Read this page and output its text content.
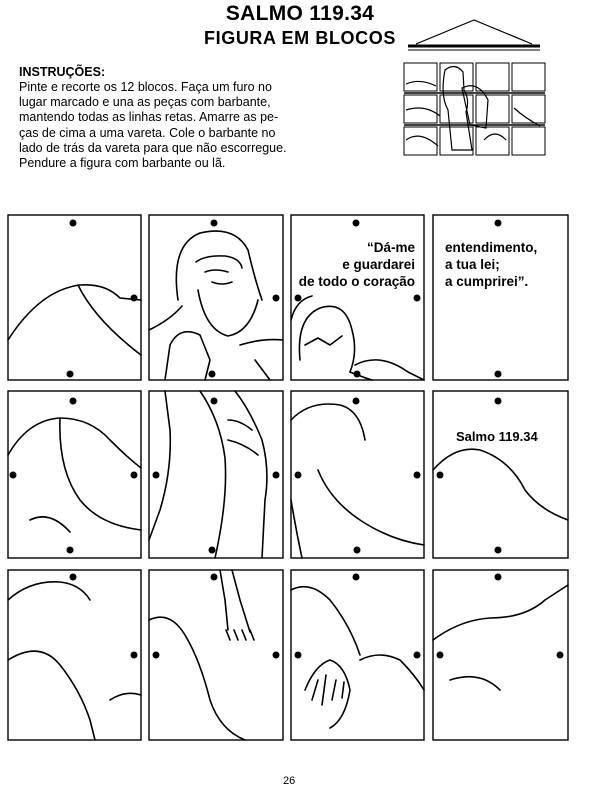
SALMO 119.34
FIGURA EM BLOCOS

INSTRUÇÕES:

Pinte e recorte os 12 blocos. Faça um furo no
lugar marcado e una as peças com barbante,
mantendo todas as linhas retas. Amarre as pe-
ças de cima a uma vareta. Cole o barbante no
lado de trás da vareta para que não escorregue.
Pendure a figura com barbante ou lã.

“Dá-me
e guardarei
de todo o coração

entendimento,
a tua lei;
a cumprirei”.

Salmo 119.34

26
